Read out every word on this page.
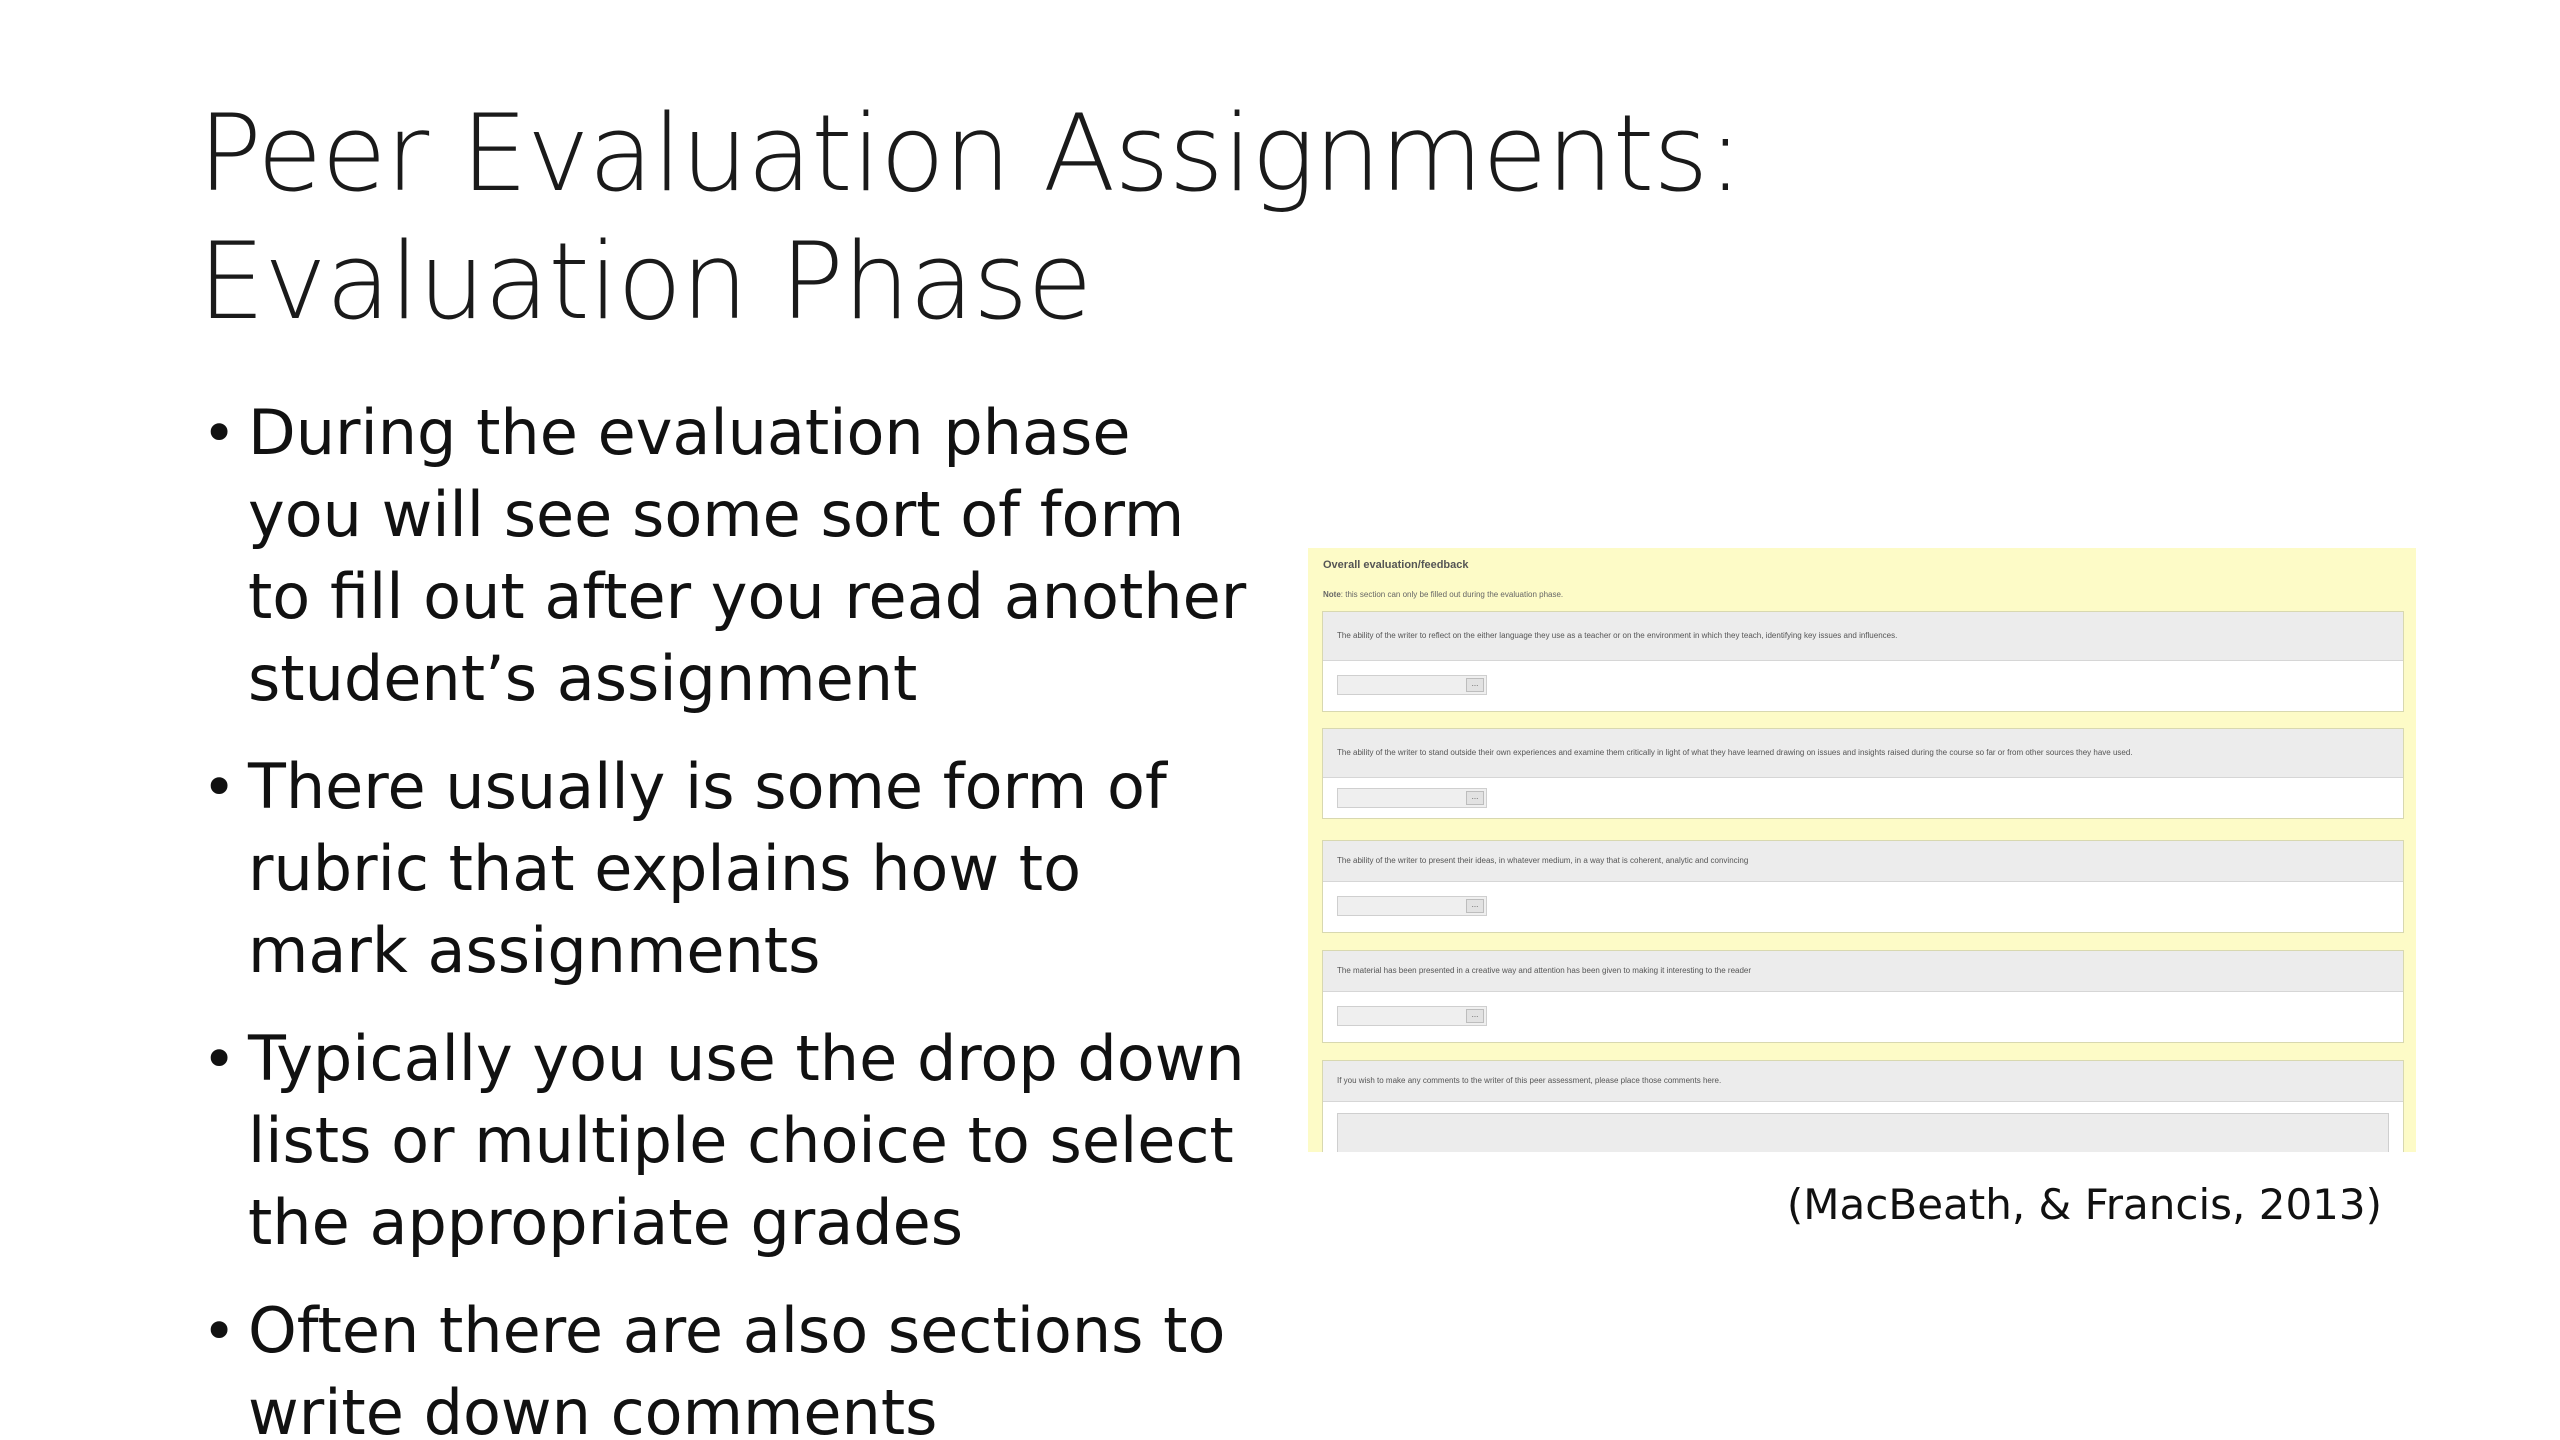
Peer Evaluation Assignments:
Evaluation Phase
• During the evaluation phase you will see some sort of form to fill out after you read another student’s assignment
• There usually is some form of rubric that explains how to mark assignments
• Typically you use the drop down lists or multiple choice to select the appropriate grades
• Often there are also sections to write down comments
Overall evaluation/feedback
Note: this section can only be filled out during the evaluation phase.
The ability of the writer to reflect on the either language they use as a teacher or on the environment in which they teach, identifying key issues and influences.
...
The ability of the writer to stand outside their own experiences and examine them critically in light of what they have learned drawing on issues and insights raised during the course so far or from other sources they have used.
...
The ability of the writer to present their ideas, in whatever medium, in a way that is coherent, analytic and convincing
...
The material has been presented in a creative way and attention has been given to making it interesting to the reader
...
If you wish to make any comments to the writer of this peer assessment, please place those comments here.
(MacBeath, & Francis, 2013)
